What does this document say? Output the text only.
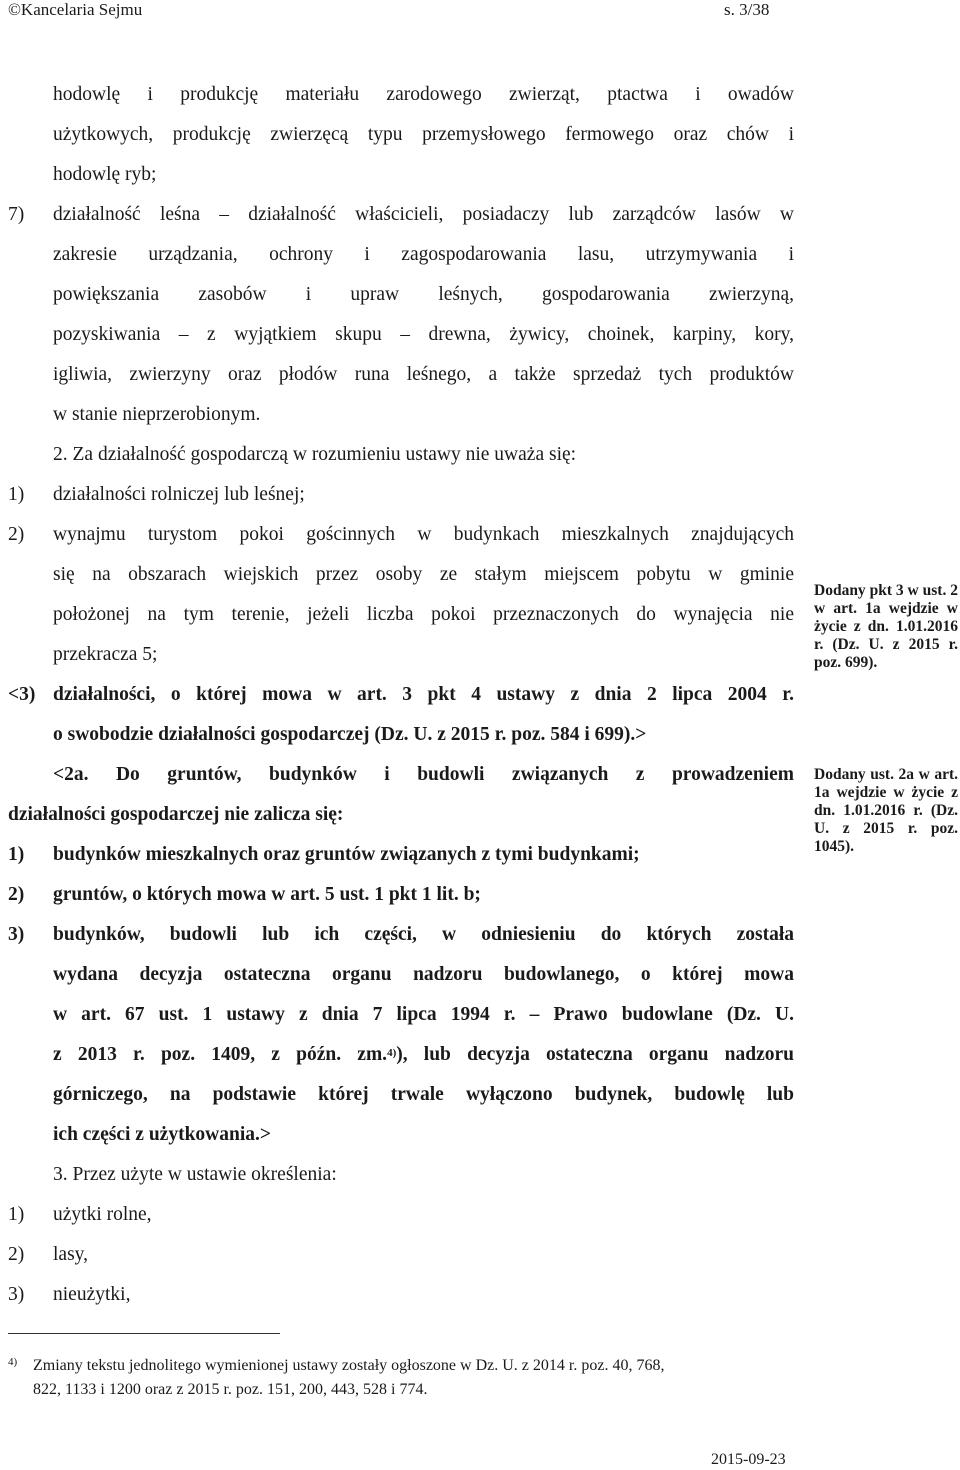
©Kancelaria Sejmu	s. 3/38
hodowlę i produkcję materiału zarodowego zwierząt, ptactwa i owadów
użytkowych, produkcję zwierzęcą typu przemysłowego fermowego oraz chów i
hodowlę ryb;
7) działalność leśna – działalność właścicieli, posiadaczy lub zarządców lasów w
zakresie urządzania, ochrony i zagospodarowania lasu, utrzymywania i
powiększania zasobów i upraw leśnych, gospodarowania zwierzyną,
pozyskiwania – z wyjątkiem skupu – drewna, żywicy, choinek, karpiny, kory,
igliwia, zwierzyny oraz płodów runa leśnego, a także sprzedaż tych produktów
w stanie nieprzerobionym.
2. Za działalność gospodarczą w rozumieniu ustawy nie uważa się:
1) działalności rolniczej lub leśnej;
2) wynajmu turystom pokoi gościnnych w budynkach mieszkalnych znajdujących
się na obszarach wiejskich przez osoby ze stałym miejscem pobytu w gminie
położonej na tym terenie, jeżeli liczba pokoi przeznaczonych do wynajęcia nie
przekracza 5;
<3) działalności, o której mowa w art. 3 pkt 4 ustawy z dnia 2 lipca 2004 r.
o swobodzie działalności gospodarczej (Dz. U. z 2015 r. poz. 584 i 699).>
<2a. Do gruntów, budynków i budowli związanych z prowadzeniem
działalności gospodarczej nie zalicza się:
1) budynków mieszkalnych oraz gruntów związanych z tymi budynkami;
2) gruntów, o których mowa w art. 5 ust. 1 pkt 1 lit. b;
3) budynków, budowli lub ich części, w odniesieniu do których została
wydana decyzja ostateczna organu nadzoru budowlanego, o której mowa
w art. 67 ust. 1 ustawy z dnia 7 lipca 1994 r. – Prawo budowlane (Dz. U.
z 2013 r. poz. 1409, z późn. zm.$^{4)}$), lub decyzja ostateczna organu nadzoru
górniczego, na podstawie której trwale wyłączono budynek, budowlę lub
ich części z użytkowania.>
3. Przez użyte w ustawie określenia:
1) użytki rolne,
2) lasy,
3) nieużytki,
Dodany pkt 3 w ust. 2 w art. 1a wejdzie w życie z dn. 1.01.2016 r. (Dz. U. z 2015 r. poz. 699).
Dodany ust. 2a w art. 1a wejdzie w życie z dn. 1.01.2016 r. (Dz. U. z 2015 r. poz. 1045).
4) Zmiany tekstu jednolitego wymienionej ustawy zostały ogłoszone w Dz. U. z 2014 r. poz. 40, 768,
822, 1133 i 1200 oraz z 2015 r. poz. 151, 200, 443, 528 i 774.
2015-09-23
